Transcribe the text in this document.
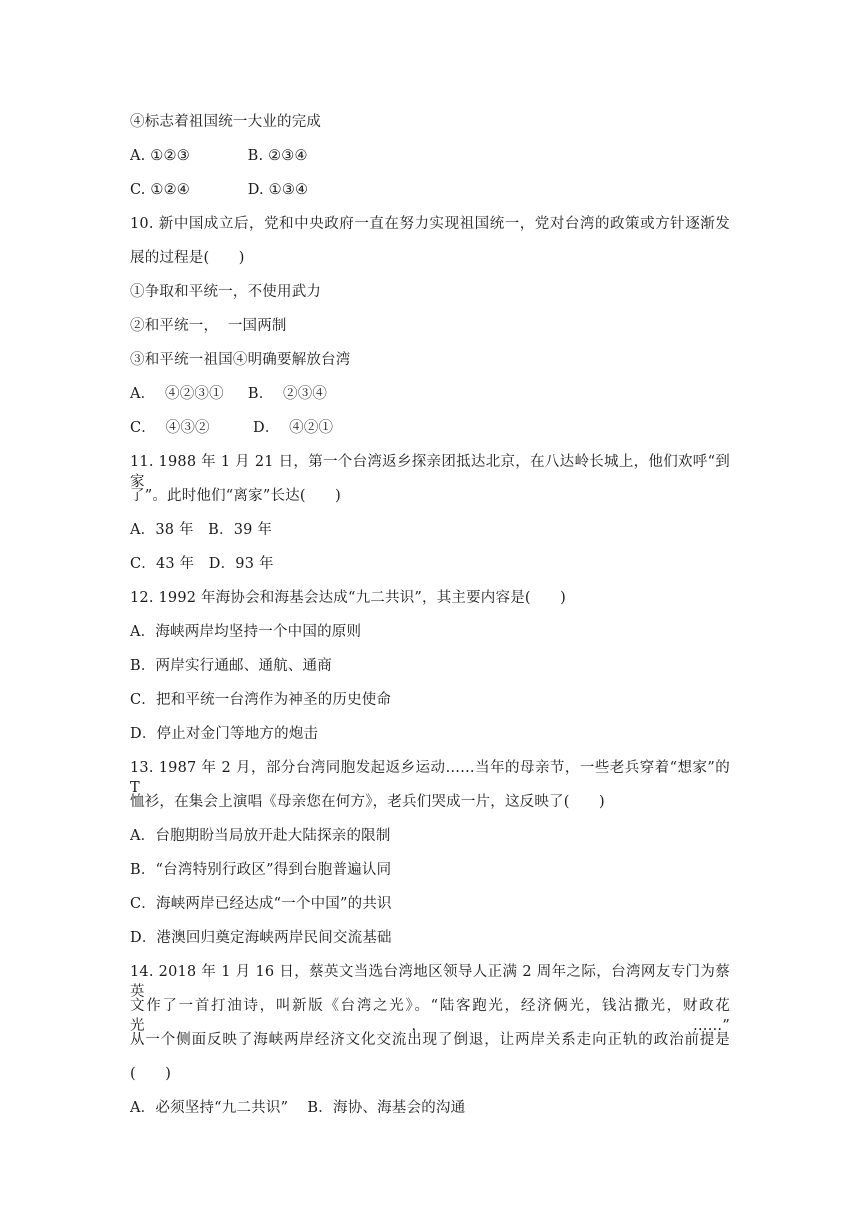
④标志着祖国统一大业的完成
A. ①②③            B. ②③④
C. ①②④            D. ①③④
10. 新中国成立后，党和中央政府一直在努力实现祖国统一，党对台湾的政策或方针逐渐发
展的过程是(　　)
①争取和平统一，不使用武力
②和平统一，  一国两制
③和平统一祖国④明确要解放台湾
A．  ④②③①     B．  ②③④
C．  ④③②         D．  ④②①
11. 1988 年 1 月 21 日，第一个台湾返乡探亲团抵达北京，在八达岭长城上，他们欢呼“到家
了”。此时他们“离家”长达(　　)
A．38 年   B．39 年
C．43 年   D．93 年
12. 1992 年海协会和海基会达成“九二共识”，其主要内容是(　　)
A．海峡两岸均坚持一个中国的原则
B．两岸实行通邮、通航、通商
C．把和平统一台湾作为神圣的历史使命
D．停止对金门等地方的炮击
13. 1987 年 2 月，部分台湾同胞发起返乡运动……当年的母亲节，一些老兵穿着“想家”的 T
恤衫，在集会上演唱《母亲您在何方》，老兵们哭成一片，这反映了(　　)
A．台胞期盼当局放开赴大陆探亲的限制
B．“台湾特别行政区”得到台胞普遍认同
C．海峡两岸已经达成“一个中国”的共识
D．港澳回归奠定海峡两岸民间交流基础
14. 2018 年 1 月 16 日，蔡英文当选台湾地区领导人正满 2 周年之际，台湾网友专门为蔡英
文作了一首打油诗，叫新版《台湾之光》。“陆客跑光，经济俩光，钱沾撒光，财政花光，……”
从一个侧面反映了海峡两岸经济文化交流出现了倒退，让两岸关系走向正轨的政治前提是
(　　)
A．必须坚持“九二共识”    B．海协、海基会的沟通
